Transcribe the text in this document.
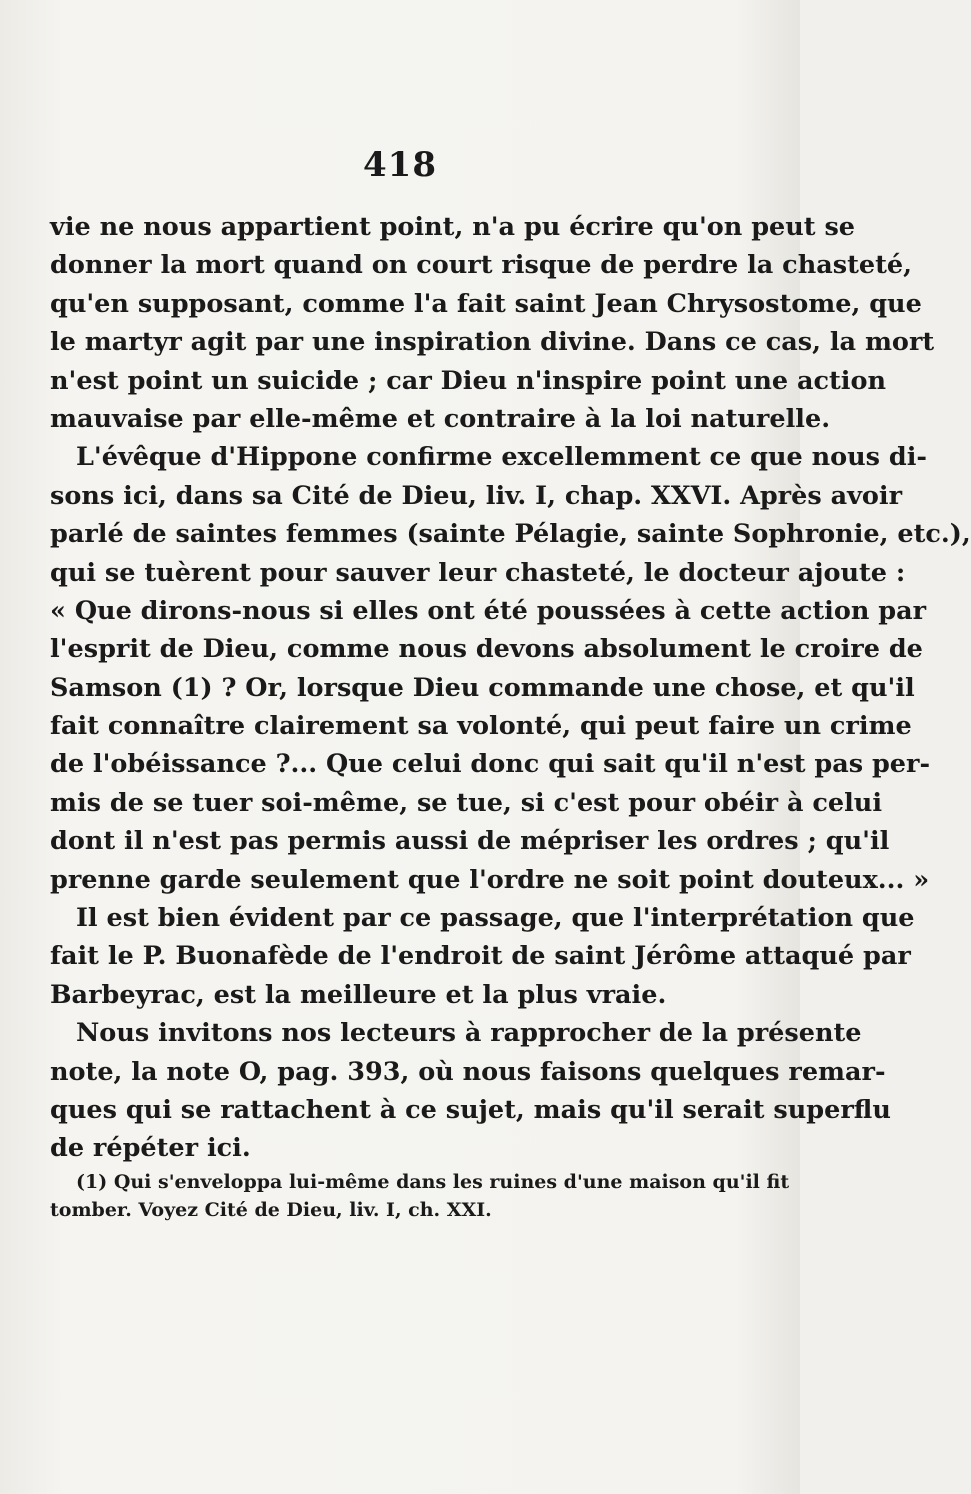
418
vie ne nous appartient point, n'a pu écrire qu'on peut se
donner la mort quand on court risque de perdre la chasteté,
qu'en supposant, comme l'a fait saint Jean Chrysostome, que
le martyr agit par une inspiration divine. Dans ce cas, la mort
n'est point un suicide ; car Dieu n'inspire point une action
mauvaise par elle-même et contraire à la loi naturelle.
L'évêque d'Hippone confirme excellemment ce que nous di-
sons ici, dans sa Cité de Dieu, liv. I, chap. XXVI. Après avoir
parlé de saintes femmes (sainte Pélagie, sainte Sophronie, etc.),
qui se tuèrent pour sauver leur chasteté, le docteur ajoute :
« Que dirons-nous si elles ont été poussées à cette action par
l'esprit de Dieu, comme nous devons absolument le croire de
Samson (1) ? Or, lorsque Dieu commande une chose, et qu'il
fait connaître clairement sa volonté, qui peut faire un crime
de l'obéissance ?... Que celui donc qui sait qu'il n'est pas per-
mis de se tuer soi-même, se tue, si c'est pour obéir à celui
dont il n'est pas permis aussi de mépriser les ordres ; qu'il
prenne garde seulement que l'ordre ne soit point douteux... »
Il est bien évident par ce passage, que l'interprétation que
fait le P. Buonafède de l'endroit de saint Jérôme attaqué par
Barbeyrac, est la meilleure et la plus vraie.
Nous invitons nos lecteurs à rapprocher de la présente
note, la note O, pag. 393, où nous faisons quelques remar-
ques qui se rattachent à ce sujet, mais qu'il serait superflu
de répéter ici.
(1) Qui s'enveloppa lui-même dans les ruines d'une maison qu'il fit
tomber. Voyez Cité de Dieu, liv. I, ch. XXI.
